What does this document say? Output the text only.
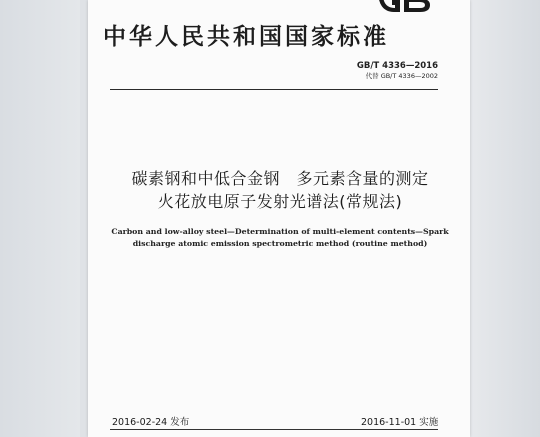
中华人民共和国国家标准
GB/T 4336—2016
代替 GB/T 4336—2002
碳素钢和中低合金钢　多元素含量的测定
火花放电原子发射光谱法(常规法)
Carbon and low-alloy steel—Determination of multi-element contents—Spark
discharge atomic emission spectrometric method (routine method)
2016-02-24 发布	2016-11-01 实施
